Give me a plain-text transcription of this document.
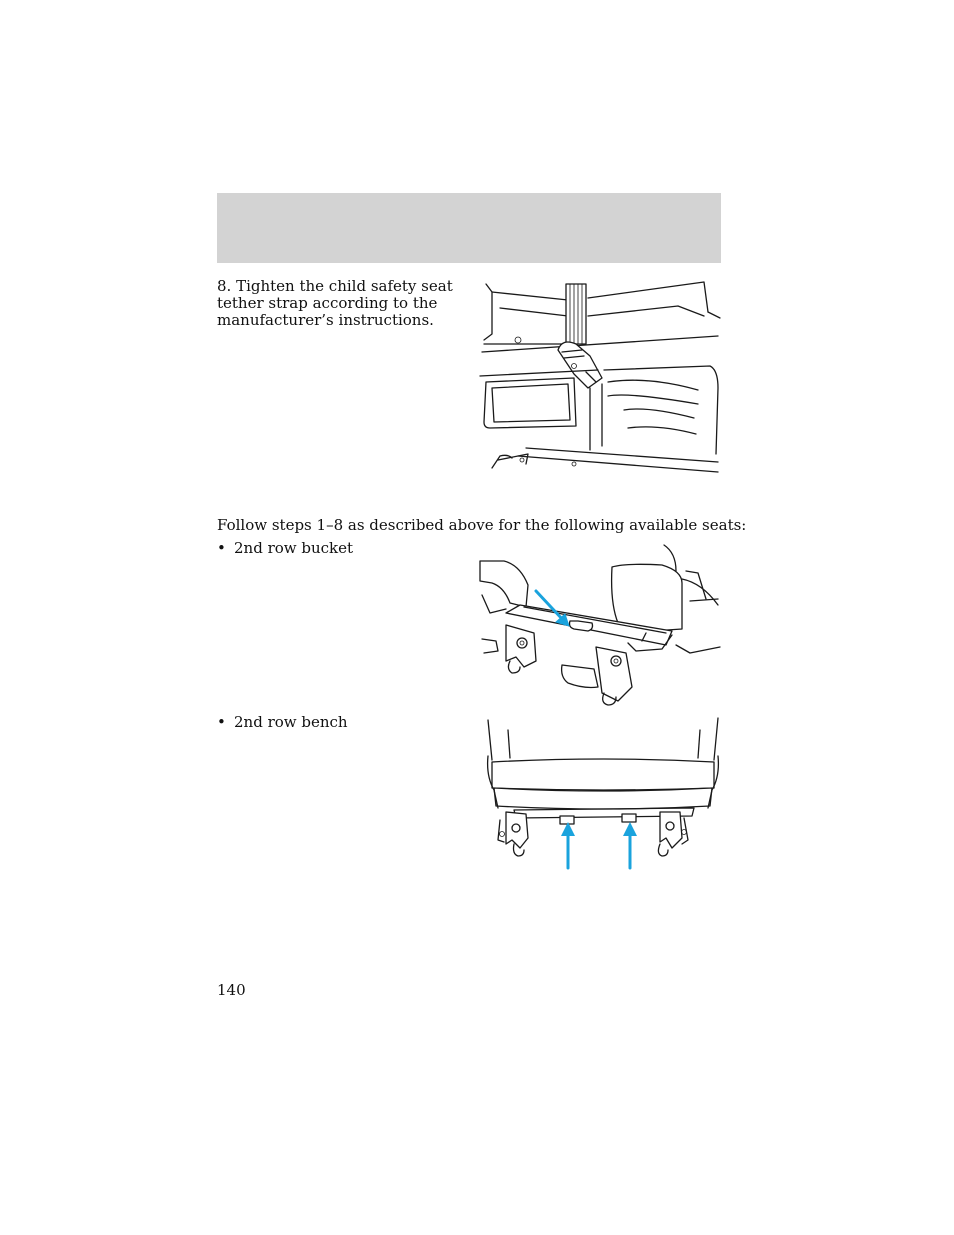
8. Tighten the child safety seat
tether strap according to the
manufacturer’s instructions.
Follow steps 1–8 as described above for the following available seats:
• 2nd row bucket
• 2nd row bench
140
